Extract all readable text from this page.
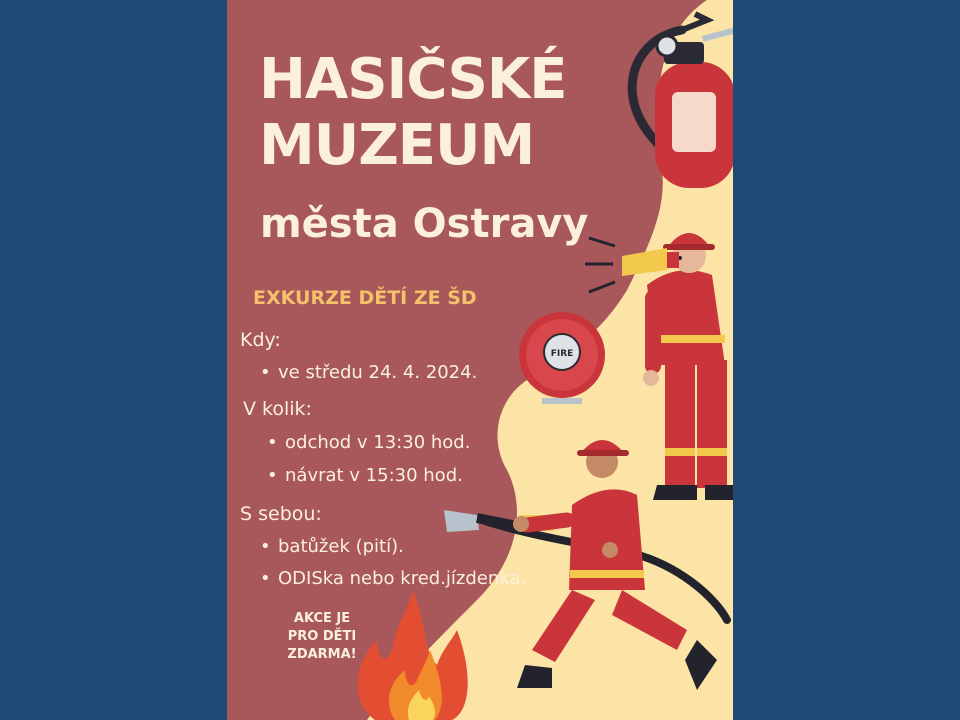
FIRE
HASIČSKÉ
MUZEUM
města Ostravy
EXKURZE DĚTÍ ZE ŠD
Kdy:
• ve středu 24. 4. 2024.
V kolik:
• odchod v 13:30 hod.
• návrat v 15:30 hod.
S sebou:
• batůžek (pití).
• ODISka nebo kred.jízdenka.
AKCE JE
PRO DĚTI
ZDARMA!
